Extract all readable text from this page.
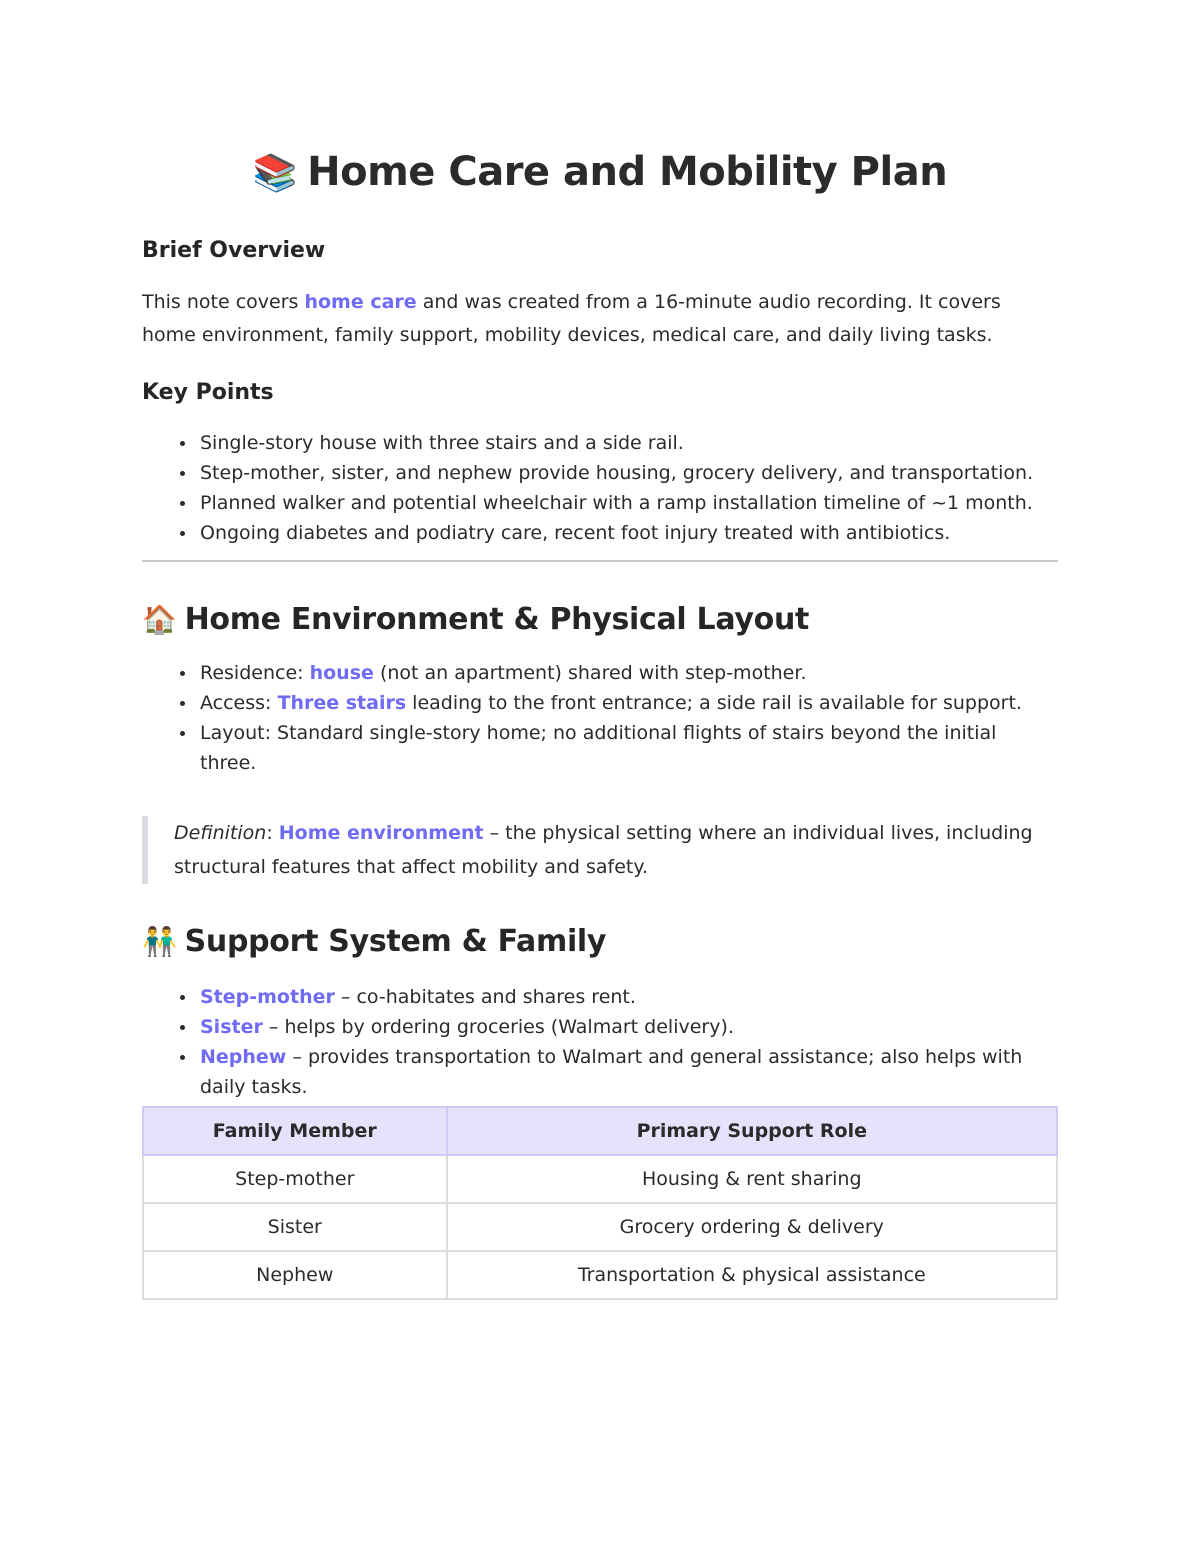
📚 Home Care and Mobility Plan
Brief Overview

This note covers home care and was created from a 16-minute audio recording. It covers home environment, family support, mobility devices, medical care, and daily living tasks.

Key Points
Single-story house with three stairs and a side rail.
Step-mother, sister, and nephew provide housing, grocery delivery, and transportation.
Planned walker and potential wheelchair with a ramp installation timeline of ~1 month.
Ongoing diabetes and podiatry care, recent foot injury treated with antibiotics.
🏠 Home Environment & Physical Layout
Residence: house (not an apartment) shared with step-mother.
Access: Three stairs leading to the front entrance; a side rail is available for support.
Layout: Standard single-story home; no additional flights of stairs beyond the initial three.
Definition: Home environment – the physical setting where an individual lives, including structural features that affect mobility and safety.
👬 Support System & Family
Step-mother – co-habitates and shares rent.
Sister – helps by ordering groceries (Walmart delivery).
Nephew – provides transportation to Walmart and general assistance; also helps with daily tasks.
Family Member	Primary Support Role
Step-mother	Housing & rent sharing
Sister	Grocery ordering & delivery
Nephew	Transportation & physical assistance
